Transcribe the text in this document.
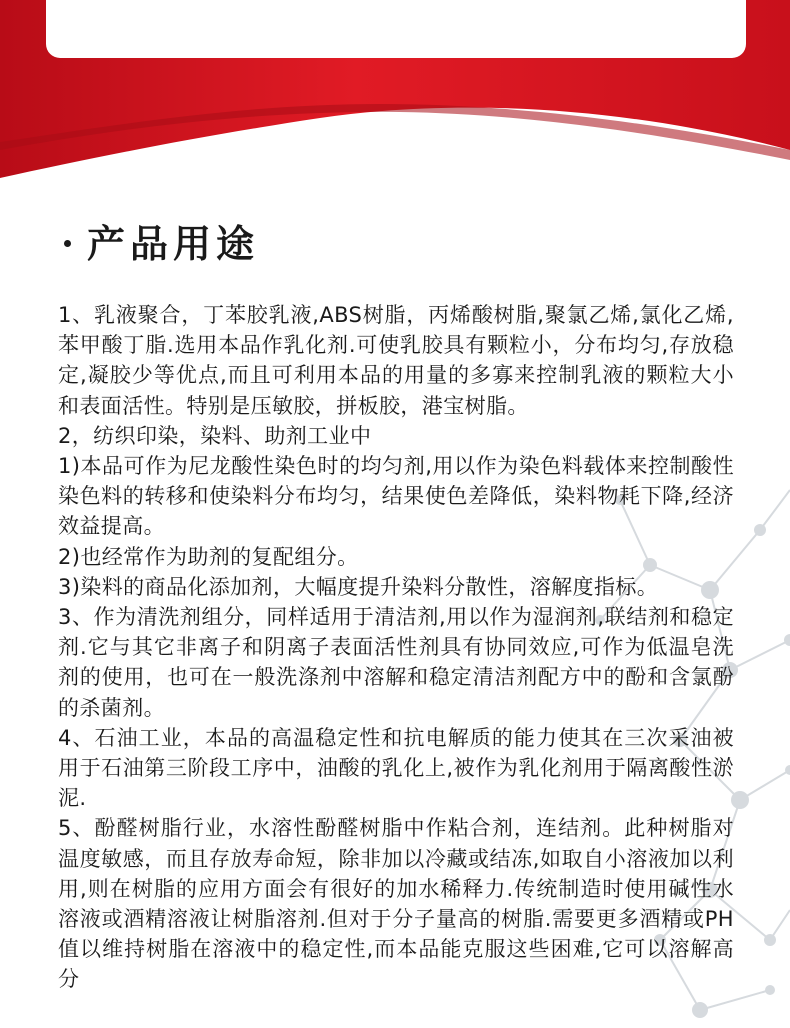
产品用途

1、乳液聚合，丁苯胶乳液,ABS树脂，丙烯酸树脂,聚氯乙烯,氯化乙烯,苯甲酸丁脂.选用本品作乳化剂.可使乳胶具有颗粒小，分布均匀,存放稳定,凝胶少等优点,而且可利用本品的用量的多寡来控制乳液的颗粒大小和表面活性。特别是压敏胶，拼板胶，港宝树脂。

2，纺织印染，染料、助剂工业中

1)本品可作为尼龙酸性染色时的均匀剂,用以作为染色料载体来控制酸性染色料的转移和使染料分布均匀，结果使色差降低，染料物耗下降,经济效益提高。

2)也经常作为助剂的复配组分。

3)染料的商品化添加剂，大幅度提升染料分散性，溶解度指标。

3、作为清洗剂组分，同样适用于清洁剂,用以作为湿润剂,联结剂和稳定剂.它与其它非离子和阴离子表面活性剂具有协同效应,可作为低温皂洗剂的使用，也可在一般洗涤剂中溶解和稳定清洁剂配方中的酚和含氯酚的杀菌剂。

4、石油工业，本品的高温稳定性和抗电解质的能力使其在三次采油被用于石油第三阶段工序中，油酸的乳化上,被作为乳化剂用于隔离酸性淤泥.

5、酚醛树脂行业，水溶性酚醛树脂中作粘合剂，连结剂。此种树脂对温度敏感，而且存放寿命短，除非加以冷藏或结冻,如取自小溶液加以利用,则在树脂的应用方面会有很好的加水稀释力.传统制造时使用碱性水溶液或酒精溶液让树脂溶剂.但对于分子量高的树脂.需要更多酒精或PH值以维持树脂在溶液中的稳定性,而本品能克服这些困难,它可以溶解高分
